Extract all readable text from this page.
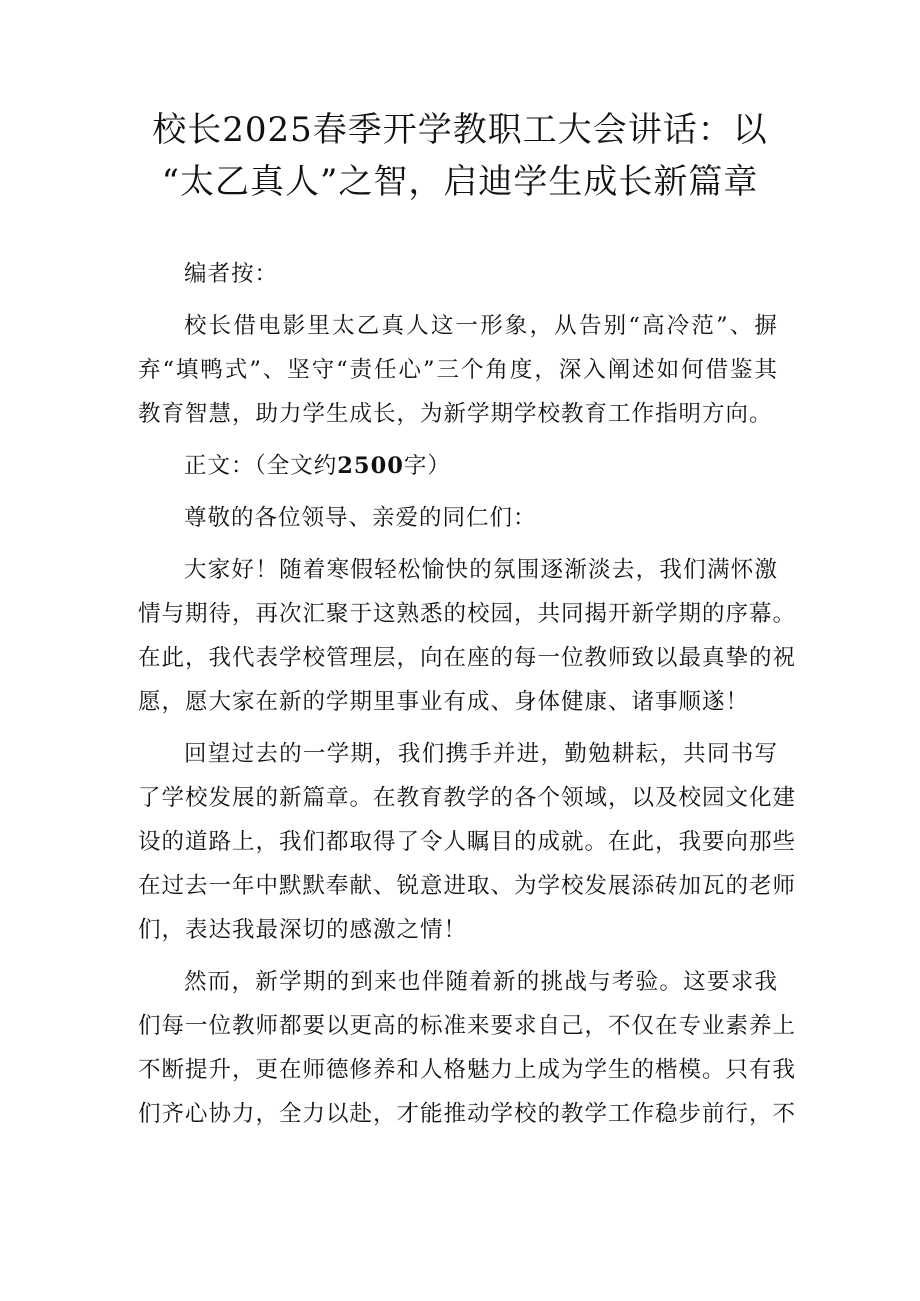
校长2025春季开学教职工大会讲话：以
“太乙真人”之智，启迪学生成长新篇章

编者按：

校长借电影里太乙真人这一形象，从告别“高冷范”、摒
弃“填鸭式”、坚守“责任心”三个角度，深入阐述如何借鉴其
教育智慧，助力学生成长，为新学期学校教育工作指明方向。

正文：（全文约2500字）

尊敬的各位领导、亲爱的同仁们：

大家好！随着寒假轻松愉快的氛围逐渐淡去，我们满怀激
情与期待，再次汇聚于这熟悉的校园，共同揭开新学期的序幕。
在此，我代表学校管理层，向在座的每一位教师致以最真挚的祝
愿，愿大家在新的学期里事业有成、身体健康、诸事顺遂！

回望过去的一学期，我们携手并进，勤勉耕耘，共同书写
了学校发展的新篇章。在教育教学的各个领域，以及校园文化建
设的道路上，我们都取得了令人瞩目的成就。在此，我要向那些
在过去一年中默默奉献、锐意进取、为学校发展添砖加瓦的老师
们，表达我最深切的感激之情！

然而，新学期的到来也伴随着新的挑战与考验。这要求我
们每一位教师都要以更高的标准来要求自己，不仅在专业素养上
不断提升，更在师德修养和人格魅力上成为学生的楷模。只有我
们齐心协力，全力以赴，才能推动学校的教学工作稳步前行，不
